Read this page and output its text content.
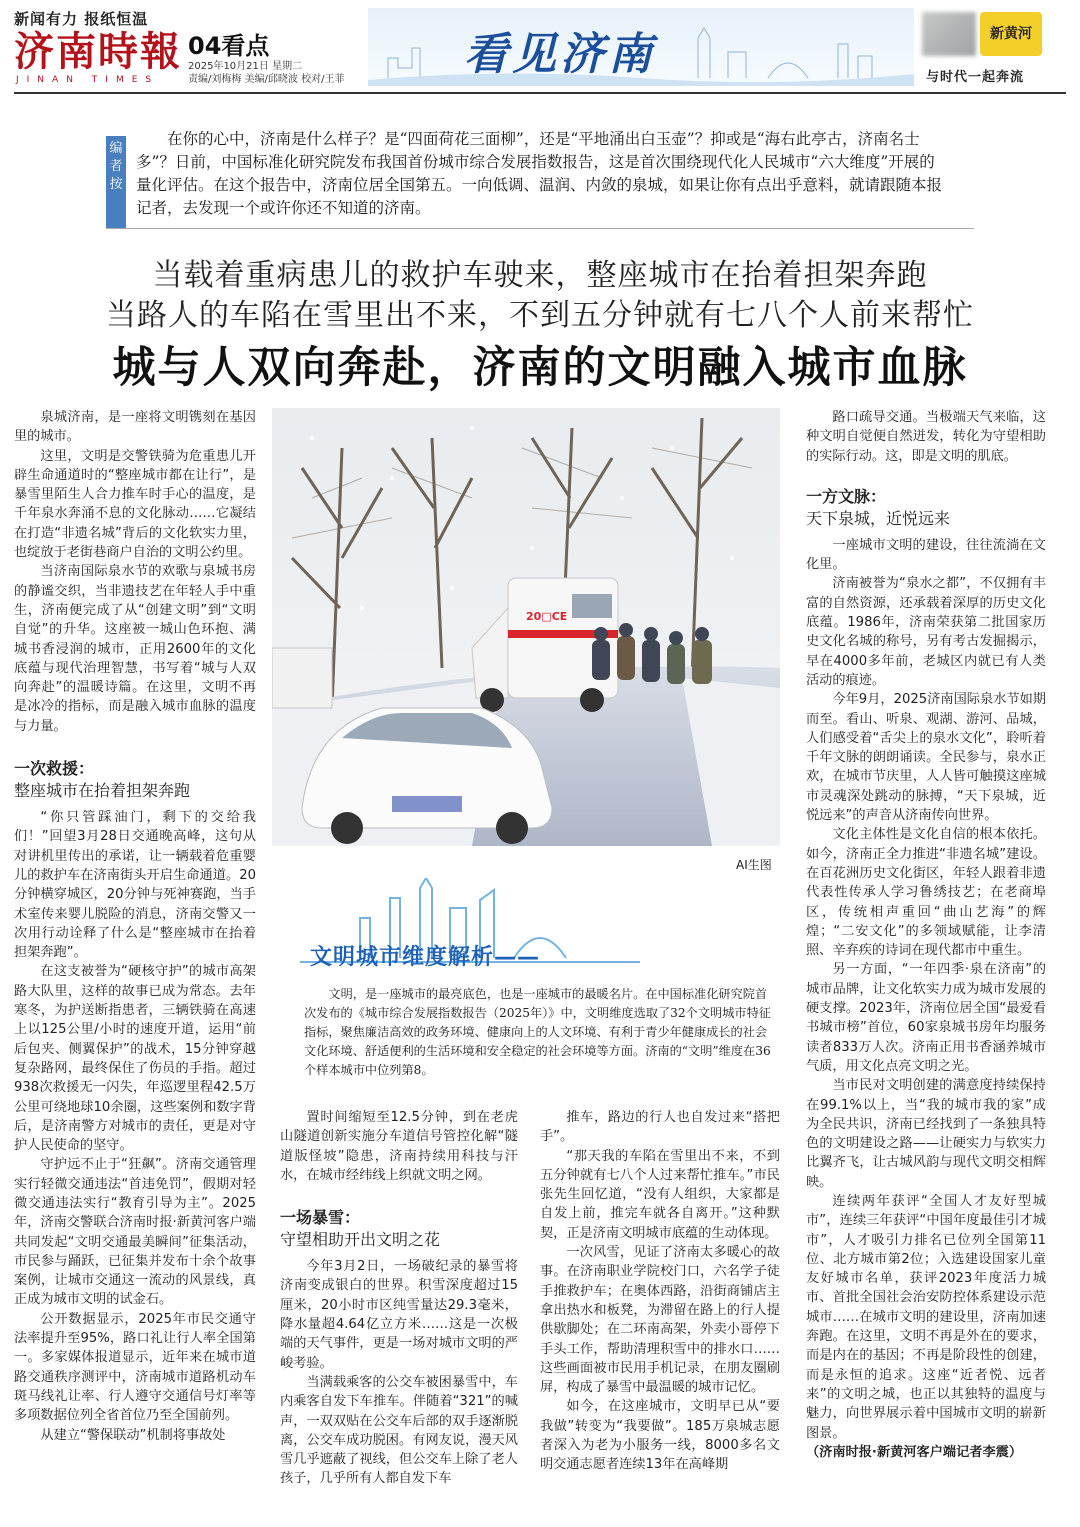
新闻有力 报纸恒温
济南時報
JINAN TIMES
04看点
2025年10月21日 星期二
责编/刘梅梅 美编/邱晓波 校对/王菲	看见济南	新黄河
与时代一起奔流
编者按
在你的心中，济南是什么样子？是“四面荷花三面柳”，还是“平地涌出白玉壶”？抑或是“海右此亭古，济南名士多”？日前，中国标准化研究院发布我国首份城市综合发展指数报告，这是首次围绕现代化人民城市“六大维度”开展的量化评估。在这个报告中，济南位居全国第五。一向低调、温润、内敛的泉城，如果让你有点出乎意料，就请跟随本报记者，去发现一个或许你还不知道的济南。
当载着重病患儿的救护车驶来，整座城市在抬着担架奔跑
当路人的车陷在雪里出不来，不到五分钟就有七八个人前来帮忙
城与人双向奔赴，济南的文明融入城市血脉

泉城济南，是一座将文明镌刻在基因里的城市。

这里，文明是交警铁骑为危重患儿开辟生命通道时的“整座城市都在让行”，是暴雪里陌生人合力推车时手心的温度，是千年泉水奔涌不息的文化脉动……它凝结在打造“非遗名城”背后的文化软实力里，也绽放于老街巷商户自治的文明公约里。

当济南国际泉水节的欢歌与泉城书房的静谧交织，当非遗技艺在年轻人手中重生，济南便完成了从“创建文明”到“文明自觉”的升华。这座被一城山色环抱、满城书香浸润的城市，正用2600年的文化底蕴与现代治理智慧，书写着“城与人双向奔赴”的温暖诗篇。在这里，文明不再是冰冷的指标，而是融入城市血脉的温度与力量。

一次救援：
整座城市在抬着担架奔跑

“你只管踩油门，剩下的交给我们！”回望3月28日交通晚高峰，这句从对讲机里传出的承诺，让一辆载着危重婴儿的救护车在济南街头开启生命通道。20分钟横穿城区，20分钟与死神赛跑，当手术室传来婴儿脱险的消息，济南交警又一次用行动诠释了什么是“整座城市在抬着担架奔跑”。

在这支被誉为“硬核守护”的城市高架路大队里，这样的故事已成为常态。去年寒冬，为护送断指患者，三辆铁骑在高速上以125公里/小时的速度开道，运用“前后包夹、侧翼保护”的战术，15分钟穿越复杂路网，最终保住了伤员的手指。超过938次救援无一闪失，年巡逻里程42.5万公里可绕地球10余圈，这些案例和数字背后，是济南警方对城市的责任，更是对守护人民使命的坚守。

守护远不止于“狂飙”。济南交通管理实行轻微交通违法“首违免罚”，假期对轻微交通违法实行“教育引导为主”。2025年，济南交警联合济南时报·新黄河客户端共同发起“文明交通最美瞬间”征集活动，市民参与踊跃，已征集并发布十余个故事案例，让城市交通这一流动的风景线，真正成为城市文明的试金石。

公开数据显示，2025年市民交通守法率提升至95%，路口礼让行人率全国第一。多家媒体报道显示，近年来在城市道路交通秩序测评中，济南城市道路机动车斑马线礼让率、行人遵守交通信号灯率等多项数据位列全省首位乃至全国前列。

从建立“警保联动”机制将事故处

20□CE
AI生图
文明城市维度解析——
文明，是一座城市的最亮底色，也是一座城市的最暖名片。在中国标准化研究院首次发布的《城市综合发展指数报告（2025年）》中，文明维度选取了32个文明城市特征指标，聚焦廉洁高效的政务环境、健康向上的人文环境、有利于青少年健康成长的社会文化环境、舒适便利的生活环境和安全稳定的社会环境等方面。济南的“文明”维度在36个样本城市中位列第8。

置时间缩短至12.5分钟，到在老虎山隧道创新实施分车道信号管控化解“隧道版怪坡”隐患，济南持续用科技与汗水，在城市经纬线上织就文明之网。

一场暴雪：
守望相助开出文明之花

今年3月2日，一场破纪录的暴雪将济南变成银白的世界。积雪深度超过15厘米，20小时市区纯雪量达29.3毫米，降水量超4.64亿立方米……这是一次极端的天气事件，更是一场对城市文明的严峻考验。

当满载乘客的公交车被困暴雪中，车内乘客自发下车推车。伴随着“321”的喊声，一双双贴在公交车后部的双手逐渐脱离，公交车成功脱困。有网友说，漫天风雪几乎遮蔽了视线，但公交车上除了老人孩子，几乎所有人都自发下车

推车，路边的行人也自发过来“搭把手”。

“那天我的车陷在雪里出不来，不到五分钟就有七八个人过来帮忙推车。”市民张先生回忆道，“没有人组织，大家都是自发上前，推完车就各自离开。”这种默契，正是济南文明城市底蕴的生动体现。

一次风雪，见证了济南太多暖心的故事。在济南职业学院校门口，六名学子徒手推救护车；在奥体西路，沿街商铺店主拿出热水和板凳，为滞留在路上的行人提供歇脚处；在二环南高架，外卖小哥停下手头工作，帮助清理积雪中的排水口……这些画面被市民用手机记录，在朋友圈刷屏，构成了暴雪中最温暖的城市记忆。

如今，在这座城市，文明早已从“要我做”转变为“我要做”。185万泉城志愿者深入为老为小服务一线，8000多名文明交通志愿者连续13年在高峰期

路口疏导交通。当极端天气来临，这种文明自觉便自然迸发，转化为守望相助的实际行动。这，即是文明的肌底。

一方文脉：
天下泉城，近悦远来

一座城市文明的建设，往往流淌在文化里。

济南被誉为“泉水之都”，不仅拥有丰富的自然资源，还承载着深厚的历史文化底蕴。1986年，济南荣获第二批国家历史文化名城的称号，另有考古发掘揭示，早在4000多年前，老城区内就已有人类活动的痕迹。

今年9月，2025济南国际泉水节如期而至。看山、听泉、观湖、游河、品城，人们感受着“舌尖上的泉水文化”，聆听着千年文脉的朗朗诵读。全民参与，泉水正欢，在城市节庆里，人人皆可触摸这座城市灵魂深处跳动的脉搏，“天下泉城，近悦远来”的声音从济南传向世界。

文化主体性是文化自信的根本依托。如今，济南正全力推进“非遗名城”建设。在百花洲历史文化街区，年轻人跟着非遗代表性传承人学习鲁绣技艺；在老商埠区，传统相声重回“曲山艺海”的辉煌；“二安文化”的多领域赋能，让李清照、辛弃疾的诗词在现代都市中重生。

另一方面，“一年四季·泉在济南”的城市品牌，让文化软实力成为城市发展的硬支撑。2023年，济南位居全国“最爱看书城市榜”首位，60家泉城书房年均服务读者833万人次。济南正用书香涵养城市气质，用文化点亮文明之光。

当市民对文明创建的满意度持续保持在99.1%以上，当“我的城市我的家”成为全民共识，济南已经找到了一条独具特色的文明建设之路——让硬实力与软实力比翼齐飞，让古城风韵与现代文明交相辉映。

连续两年获评“全国人才友好型城市”，连续三年获评“中国年度最佳引才城市”，人才吸引力排名已位列全国第11位、北方城市第2位；入选建设国家儿童友好城市名单，获评2023年度活力城市、首批全国社会治安防控体系建设示范城市……在城市文明的建设里，济南加速奔跑。在这里，文明不再是外在的要求，而是内在的基因；不再是阶段性的创建，而是永恒的追求。这座“近者悦、远者来”的文明之城，也正以其独特的温度与魅力，向世界展示着中国城市文明的崭新图景。

（济南时报·新黄河客户端记者李震）
